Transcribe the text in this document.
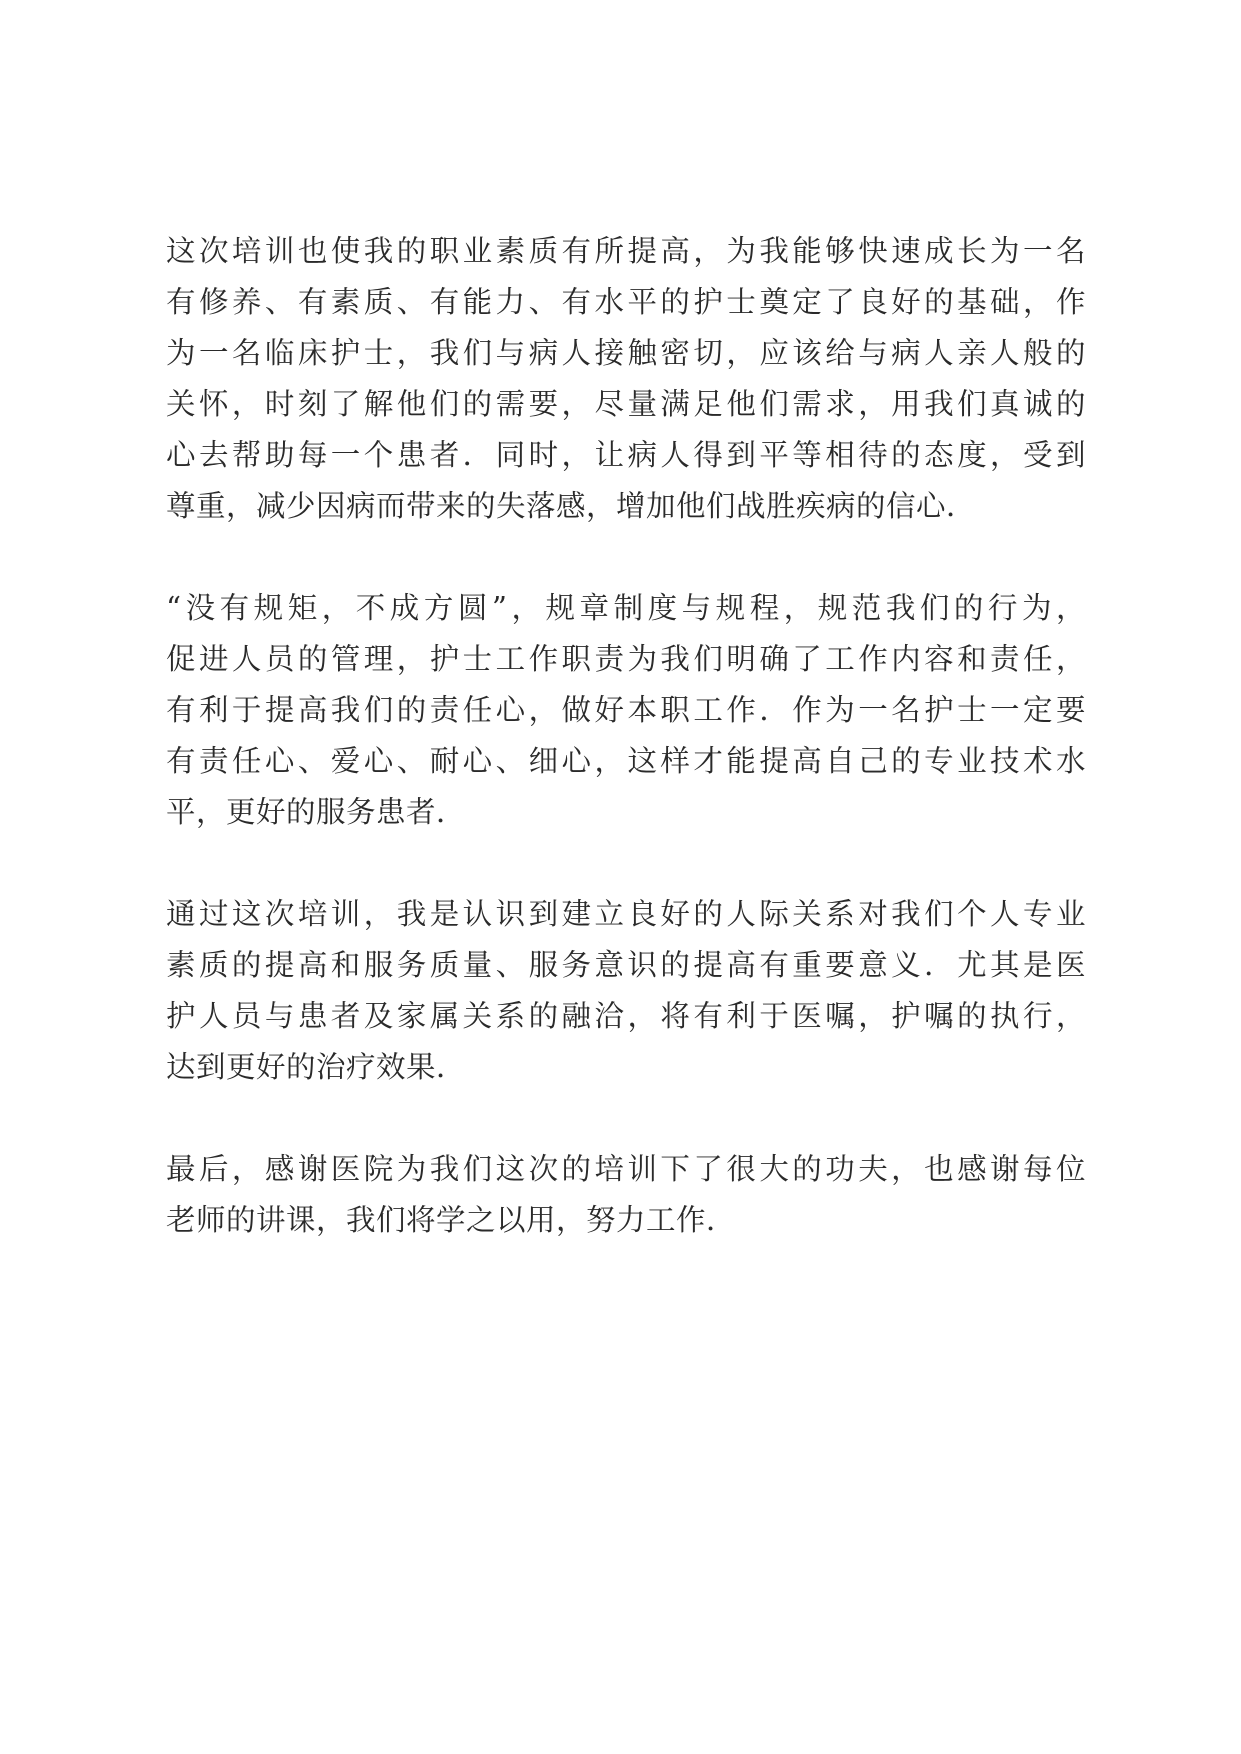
这次培训也使我的职业素质有所提高，为我能够快速成长为一名
有修养、有素质、有能力、有水平的护士奠定了良好的基础，作
为一名临床护士，我们与病人接触密切，应该给与病人亲人般的
关怀，时刻了解他们的需要，尽量满足他们需求，用我们真诚的
心去帮助每一个患者．同时，让病人得到平等相待的态度，受到
尊重，减少因病而带来的失落感，增加他们战胜疾病的信心．
“没有规矩，不成方圆”，规章制度与规程，规范我们的行为，
促进人员的管理，护士工作职责为我们明确了工作内容和责任，
有利于提高我们的责任心，做好本职工作．作为一名护士一定要
有责任心、爱心、耐心、细心，这样才能提高自己的专业技术水
平，更好的服务患者．
通过这次培训，我是认识到建立良好的人际关系对我们个人专业
素质的提高和服务质量、服务意识的提高有重要意义．尤其是医
护人员与患者及家属关系的融洽，将有利于医嘱，护嘱的执行，
达到更好的治疗效果．
最后，感谢医院为我们这次的培训下了很大的功夫，也感谢每位
老师的讲课，我们将学之以用，努力工作．
